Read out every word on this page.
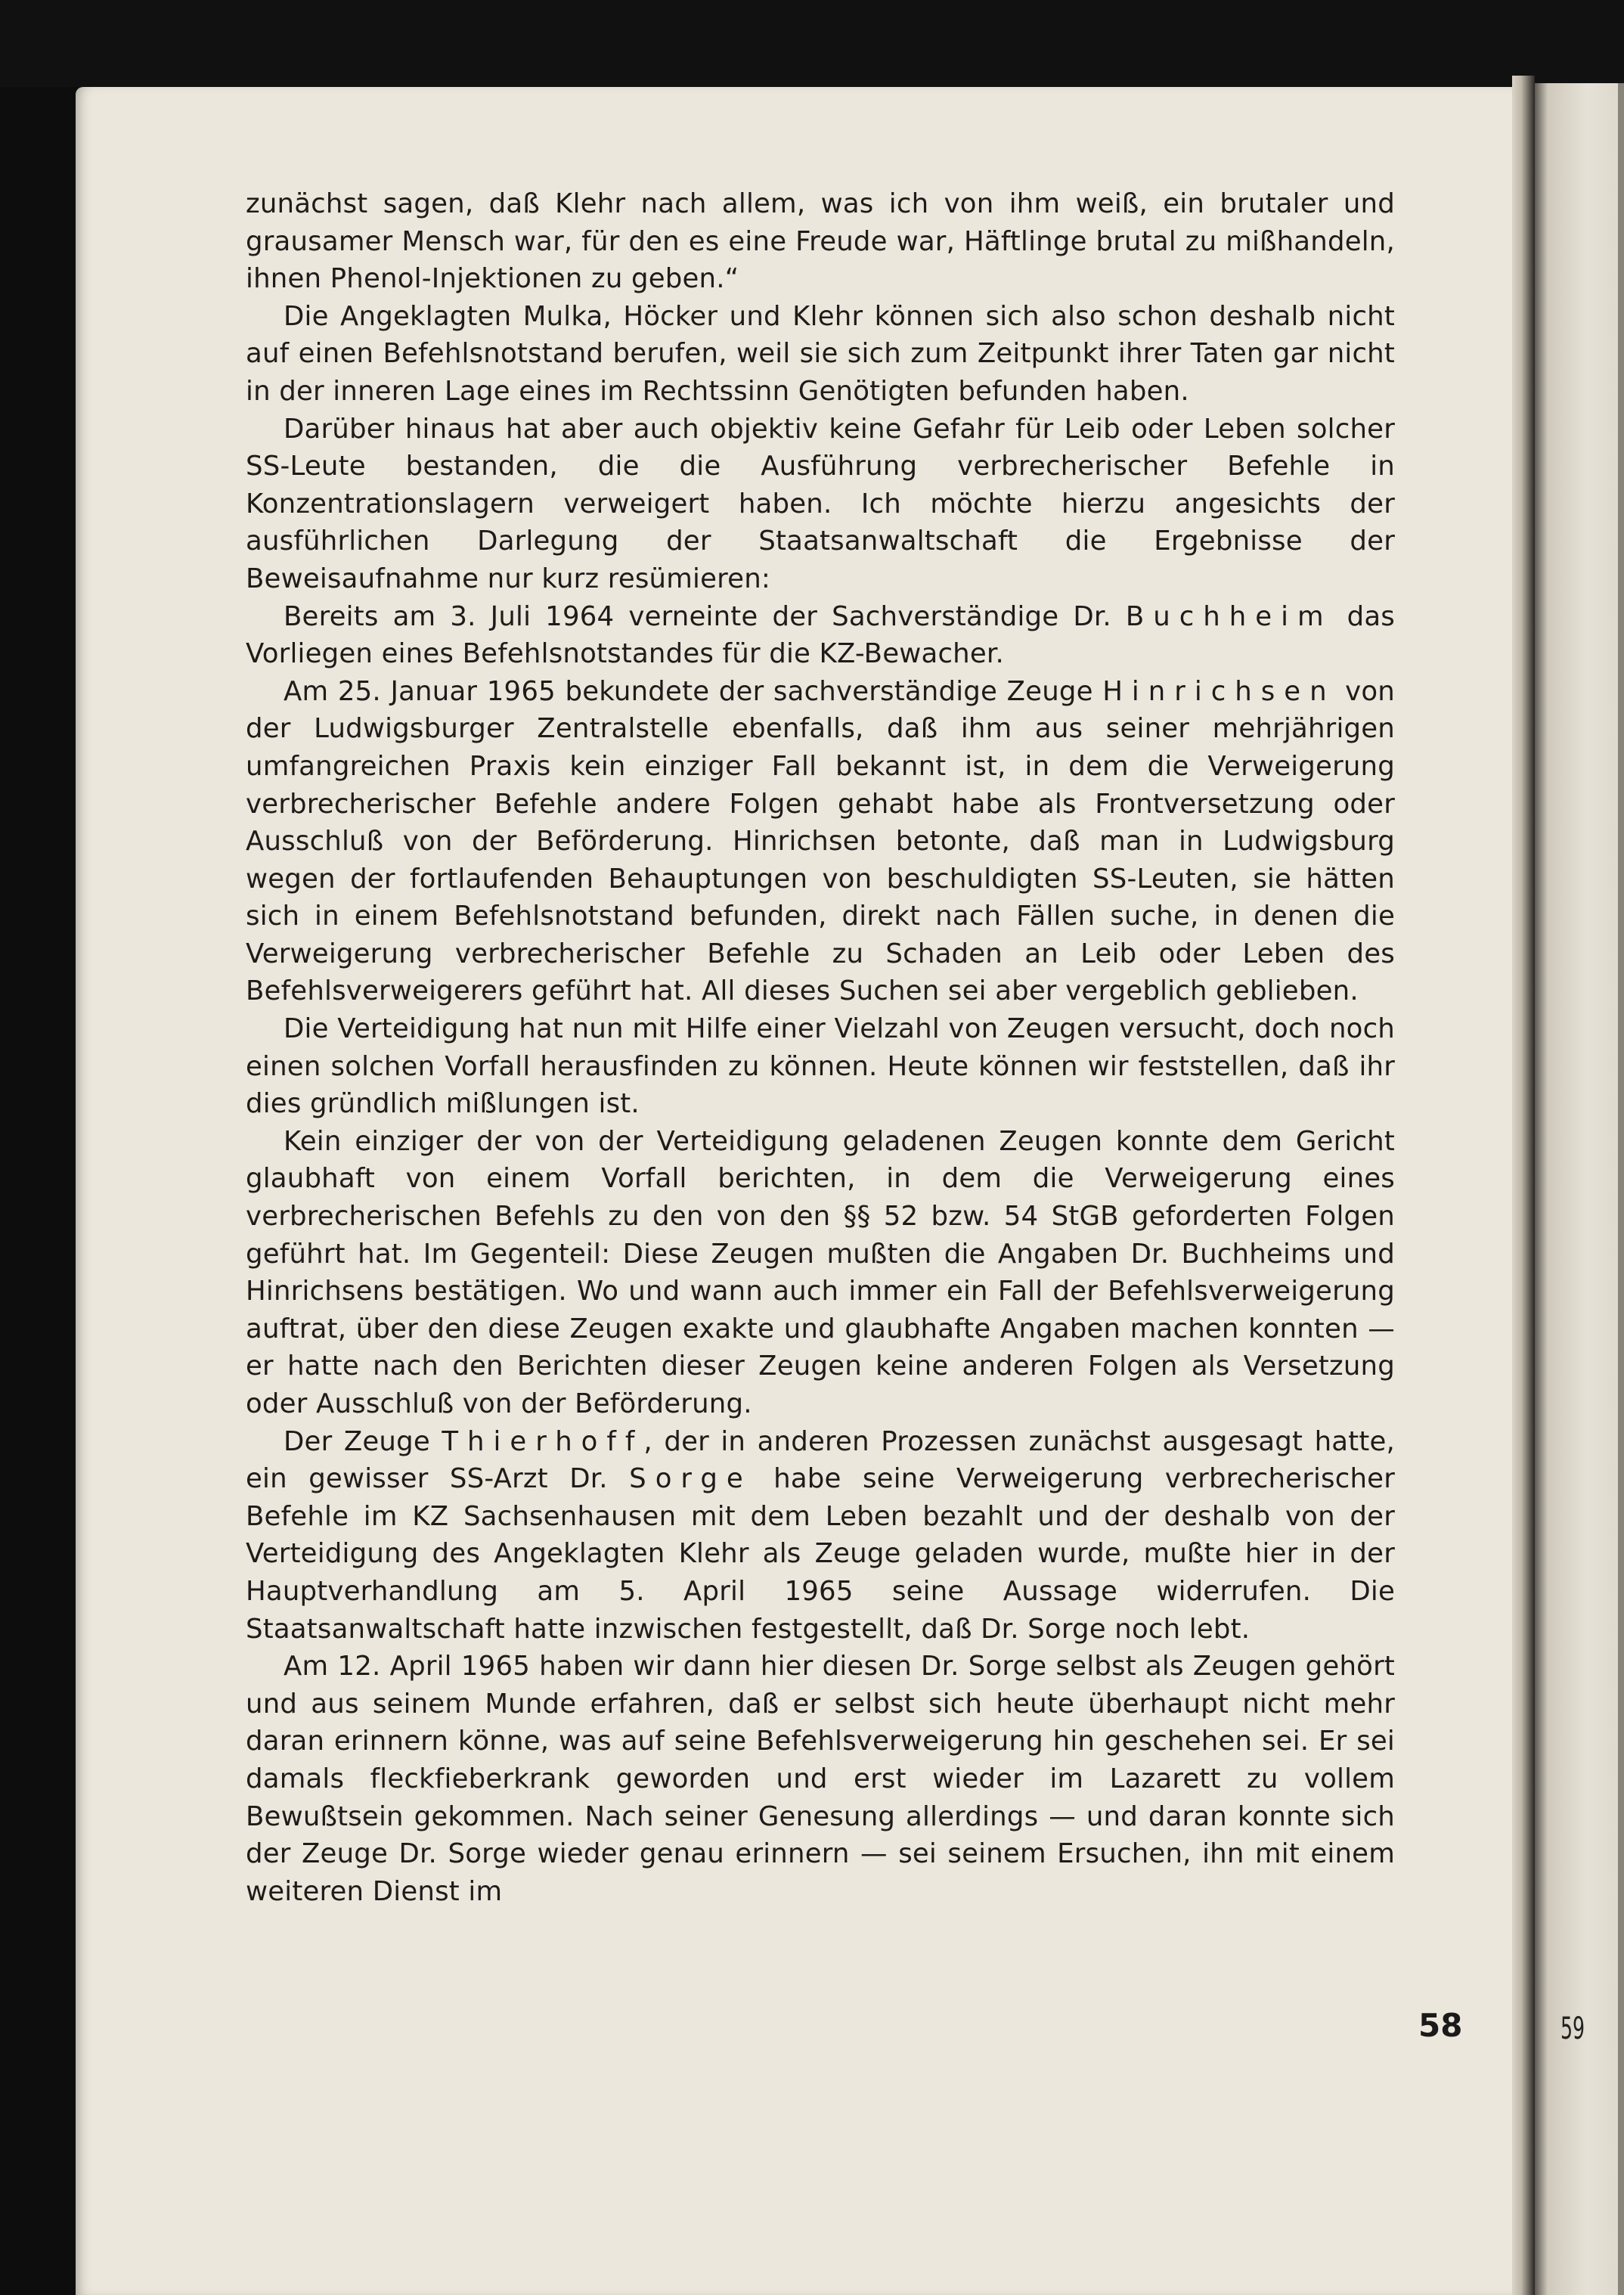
zunächst sagen, daß Klehr nach allem, was ich von ihm weiß, ein brutaler und grausamer Mensch war, für den es eine Freude war, Häftlinge brutal zu mißhandeln, ihnen Phenol-Injektionen zu geben.“

Die Angeklagten Mulka, Höcker und Klehr können sich also schon deshalb nicht auf einen Befehlsnotstand berufen, weil sie sich zum Zeitpunkt ihrer Taten gar nicht in der inneren Lage eines im Rechtssinn Genötigten befunden haben.

Darüber hinaus hat aber auch objektiv keine Gefahr für Leib oder Leben solcher SS-Leute bestanden, die die Ausführung verbrecherischer Befehle in Konzentrationslagern verweigert haben. Ich möchte hierzu angesichts der ausführlichen Darlegung der Staatsanwaltschaft die Ergebnisse der Beweisaufnahme nur kurz resümieren:

Bereits am 3. Juli 1964 verneinte der Sachverständige Dr. Buchheim das Vorliegen eines Befehlsnotstandes für die KZ-Bewacher.

Am 25. Januar 1965 bekundete der sachverständige Zeuge Hinrichsen von der Ludwigsburger Zentralstelle ebenfalls, daß ihm aus seiner mehrjährigen umfangreichen Praxis kein einziger Fall bekannt ist, in dem die Verweigerung verbrecherischer Befehle andere Folgen gehabt habe als Frontversetzung oder Ausschluß von der Beförderung. Hinrichsen betonte, daß man in Ludwigsburg wegen der fortlaufenden Behauptungen von beschuldigten SS-Leuten, sie hätten sich in einem Befehlsnotstand befunden, direkt nach Fällen suche, in denen die Verweigerung verbrecherischer Befehle zu Schaden an Leib oder Leben des Befehlsverweigerers geführt hat. All dieses Suchen sei aber vergeblich geblieben.

Die Verteidigung hat nun mit Hilfe einer Vielzahl von Zeugen versucht, doch noch einen solchen Vorfall herausfinden zu können. Heute können wir feststellen, daß ihr dies gründlich mißlungen ist.

Kein einziger der von der Verteidigung geladenen Zeugen konnte dem Gericht glaubhaft von einem Vorfall berichten, in dem die Verweigerung eines verbrecherischen Befehls zu den von den §§ 52 bzw. 54 StGB geforderten Folgen geführt hat. Im Gegenteil: Diese Zeugen mußten die Angaben Dr. Buchheims und Hinrichsens bestätigen. Wo und wann auch immer ein Fall der Befehlsverweigerung auftrat, über den diese Zeugen exakte und glaubhafte Angaben machen konnten — er hatte nach den Berichten dieser Zeugen keine anderen Folgen als Versetzung oder Ausschluß von der Beförderung.

Der Zeuge Thierhoff, der in anderen Prozessen zunächst ausgesagt hatte, ein gewisser SS-Arzt Dr. Sorge habe seine Verweigerung verbrecherischer Befehle im KZ Sachsenhausen mit dem Leben bezahlt und der deshalb von der Verteidigung des Angeklagten Klehr als Zeuge geladen wurde, mußte hier in der Hauptverhandlung am 5. April 1965 seine Aussage widerrufen. Die Staatsanwaltschaft hatte inzwischen festgestellt, daß Dr. Sorge noch lebt.

Am 12. April 1965 haben wir dann hier diesen Dr. Sorge selbst als Zeugen gehört und aus seinem Munde erfahren, daß er selbst sich heute überhaupt nicht mehr daran erinnern könne, was auf seine Befehlsverweigerung hin geschehen sei. Er sei damals fleckfieberkrank geworden und erst wieder im Lazarett zu vollem Bewußtsein gekommen. Nach seiner Genesung allerdings — und daran konnte sich der Zeuge Dr. Sorge wieder genau erinnern — sei seinem Ersuchen, ihn mit einem weiteren Dienst im

58	59
